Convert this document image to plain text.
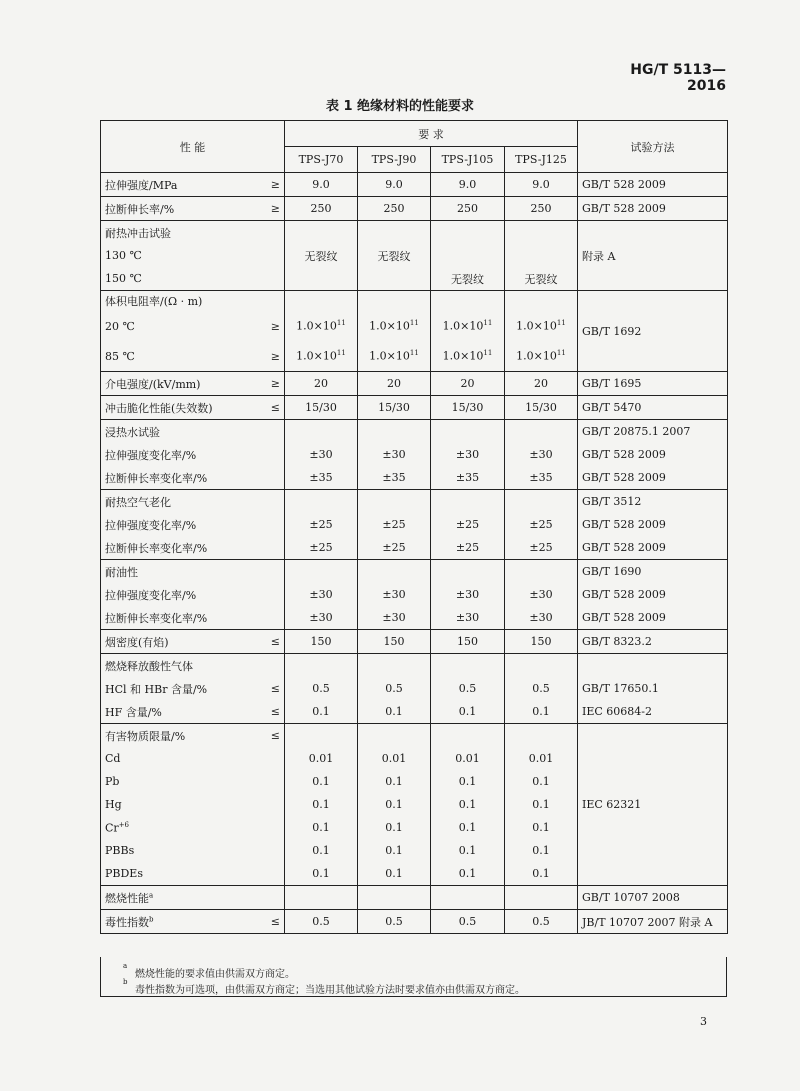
HG/T 5113—2016
表 1 绝缘材料的性能要求
性 能		要 求				试验方法
		TPS-J70	TPS-J90	TPS-J105	TPS-J125	
拉伸强度/MPa	≥	9.0	9.0	9.0	9.0	GB/T 528 2009
拉断伸长率/%	≥	250	250	250	250	GB/T 528 2009
耐热冲击试验						附录 A
130 ℃		无裂纹	无裂纹			
150 ℃				无裂纹	无裂纹	
体积电阻率/(Ω · m)						GB/T 1692
20 ℃	≥	$1.0\times 10^{11}$	$1.0\times 10^{11}$	$1.0\times 10^{11}$	$1.0\times 10^{11}$
85 ℃	≥	$1.0\times 10^{11}$	$1.0\times 10^{11}$	$1.0\times 10^{11}$	$1.0\times 10^{11}$
介电强度/(kV/mm)	≥	20	20	20	20	GB/T 1695
冲击脆化性能(失效数)	≤	15/30	15/30	15/30	15/30	GB/T 5470
浸热水试验						GB/T 20875.1 2007
拉伸强度变化率/%		±30	±30	±30	±30	GB/T 528 2009
拉断伸长率变化率/%		±35	±35	±35	±35	GB/T 528 2009
耐热空气老化						GB/T 3512
拉伸强度变化率/%		±25	±25	±25	±25	GB/T 528 2009
拉断伸长率变化率/%		±25	±25	±25	±25	GB/T 528 2009
耐油性						GB/T 1690
拉伸强度变化率/%		±30	±30	±30	±30	GB/T 528 2009
拉断伸长率变化率/%		±30	±30	±30	±30	GB/T 528 2009
烟密度(有焰)	≤	150	150	150	150	GB/T 8323.2
燃烧释放酸性气体						
HCl 和 HBr 含量/%	≤	0.5	0.5	0.5	0.5	GB/T 17650.1
HF 含量/%	≤	0.1	0.1	0.1	0.1	IEC 60684-2
有害物质限量/%	≤					IEC 62321
Cd		0.01	0.01	0.01	0.01	
Pb		0.1	0.1	0.1	0.1	
Hg		0.1	0.1	0.1	0.1	
$Cr^{+6}$		0.1	0.1	0.1	0.1	
PBBs		0.1	0.1	0.1	0.1	
PBDEs		0.1	0.1	0.1	0.1	
燃烧性能$^a$						GB/T 10707 2008
毒性指数$^b$	≤	0.5	0.5	0.5	0.5	JB/T 10707 2007 附录 A

a
燃烧性能的要求值由供需双方商定。
b
毒性指数为可选项，由供需双方商定；当选用其他试验方法时要求值亦由供需双方商定。
3
